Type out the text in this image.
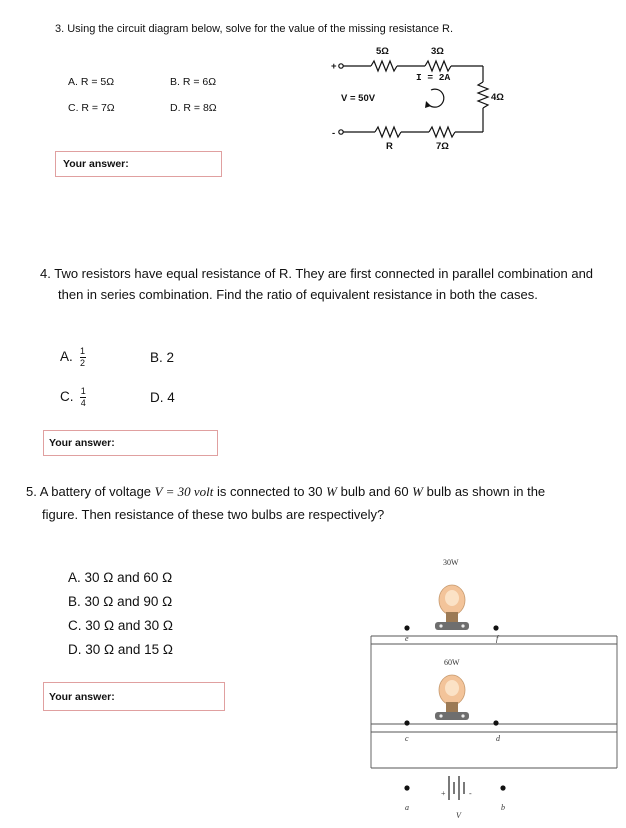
3. Using the circuit diagram below, solve for the value of the missing resistance R.
A. R = 5Ω	B. R = 6Ω
C. R = 7Ω	D. R = 8Ω
Your answer:
+
-
5Ω	3Ω
I = 2A
V = 50V	4Ω
R	7Ω
4. Two resistors have equal resistance of R. They are first connected in parallel combination and
then in series combination. Find the ratio of equivalent resistance in both the cases.
A. $\frac{1}{2}$	B. 2
C. $\frac{1}{4}$	D. 4
Your answer:
5. A battery of voltage V = 30 volt is connected to 30 W bulb and 60 W bulb as shown in the
figure. Then resistance of these two bulbs are respectively?
A. 30 Ω and 60 Ω
B. 30 Ω and 90 Ω
C. 30 Ω and 30 Ω
D. 30 Ω and 15 Ω
Your answer:
30W
60W
e	f
c	d
a	b
V
+	-
